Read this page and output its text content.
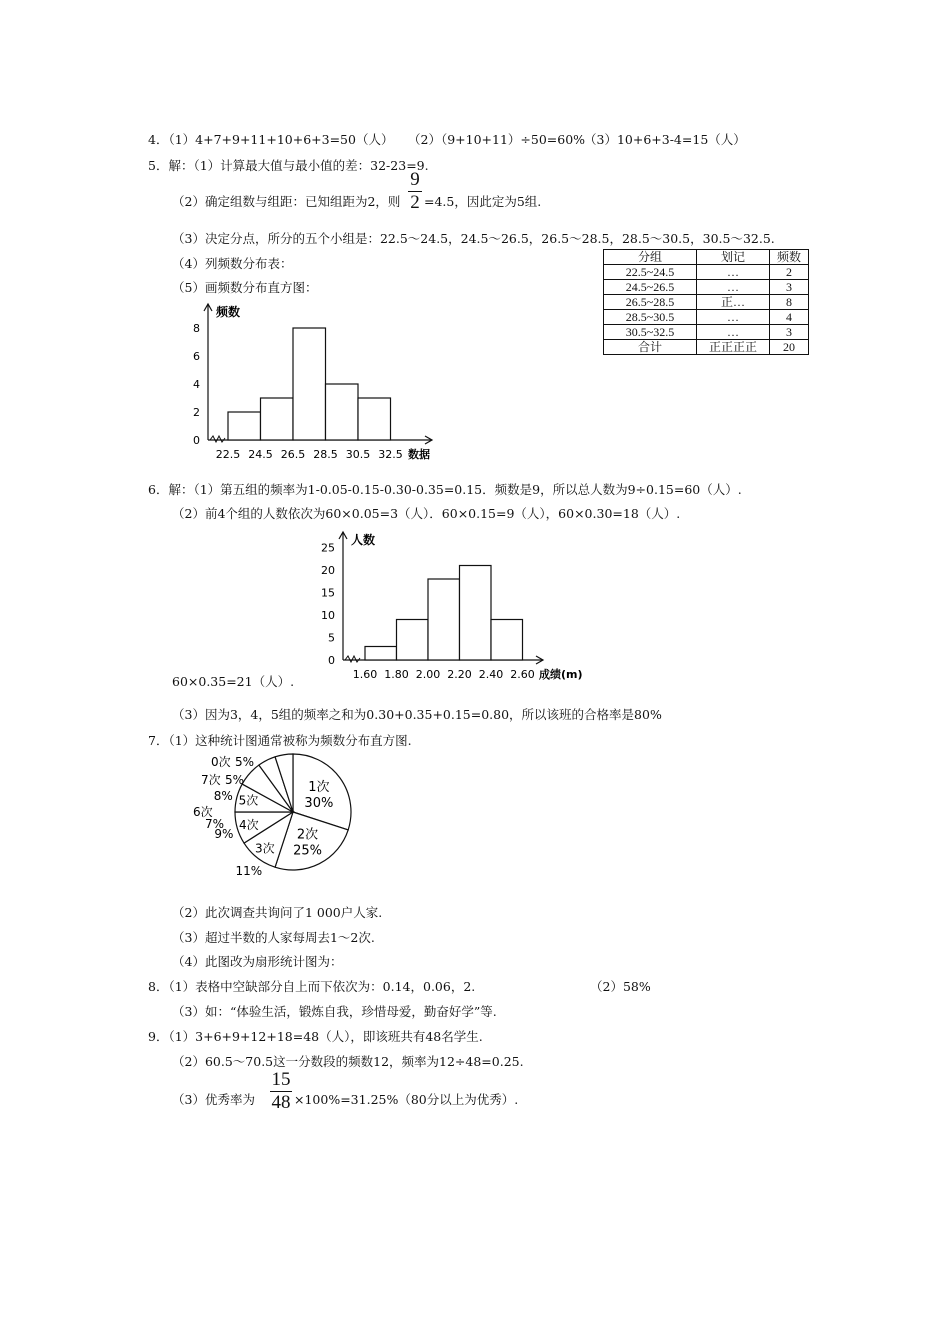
4．（1）4+7+9+11+10+6+3=50（人） （2）（9+10+11）÷50=60%
（3）10+6+3-4=15（人）
5．解：（1）计算最大值与最小值的差：32-23=9.
（2）确定组数与组距：已知组距为2，则
9
2 =4.5，因此定为5组.
（3）决定分点，所分的五个小组是：22.5～24.5，24.5～26.5，26.5～28.5，28.5～30.5，30.5～32.5.
（4）列频数分布表：
（5）画频数分布直方图：
分组	划记	频数
22.5~24.5	…	2
24.5~26.5	…	3
26.5~28.5	正…	8
28.5~30.5	…	4
30.5~32.5	…	3
合计	正正正正	20
频数
数据
0
2
4
6
8
22.5 24.5 26.5 28.5 30.5 32.5
6．解：（1）第五组的频率为1-0.05-0.15-0.30-0.35=0.15．频数是9，所以总人数为9÷0.15=60（人）.
（2）前4个组的人数依次为60×0.05=3（人）．60×0.15=9（人），60×0.30=18（人）.
人数
成绩(m)
0
5
10
15
20
25
1.60 1.80 2.00 2.20 2.40 2.60
60×0.35=21（人）.
（3）因为3，4，5组的频率之和为0.30+0.35+0.15=0.80，所以该班的合格率是80%
7．（1）这种统计图通常被称为频数分布直方图.
1次
30%
2次
25%
3次
11%
4次
9%
5次
8%
6次
7%
7次 5%
0次 5%
（2）此次调查共询问了1 000户人家.
（3）超过半数的人家每周去1～2次.
（4）此图改为扇形统计图为：
8．（1）表格中空缺部分自上而下依次为：0.14，0.06，2.	（2）58%
（3）如：“体验生活，锻炼自我，珍惜母爱，勤奋好学”等.
9．（1）3+6+9+12+18=48（人），即该班共有48名学生.
（2）60.5～70.5这一分数段的频数12，频率为12÷48=0.25.
（3）优秀率为
15
48 ×100%=31.25%（80分以上为优秀）.
